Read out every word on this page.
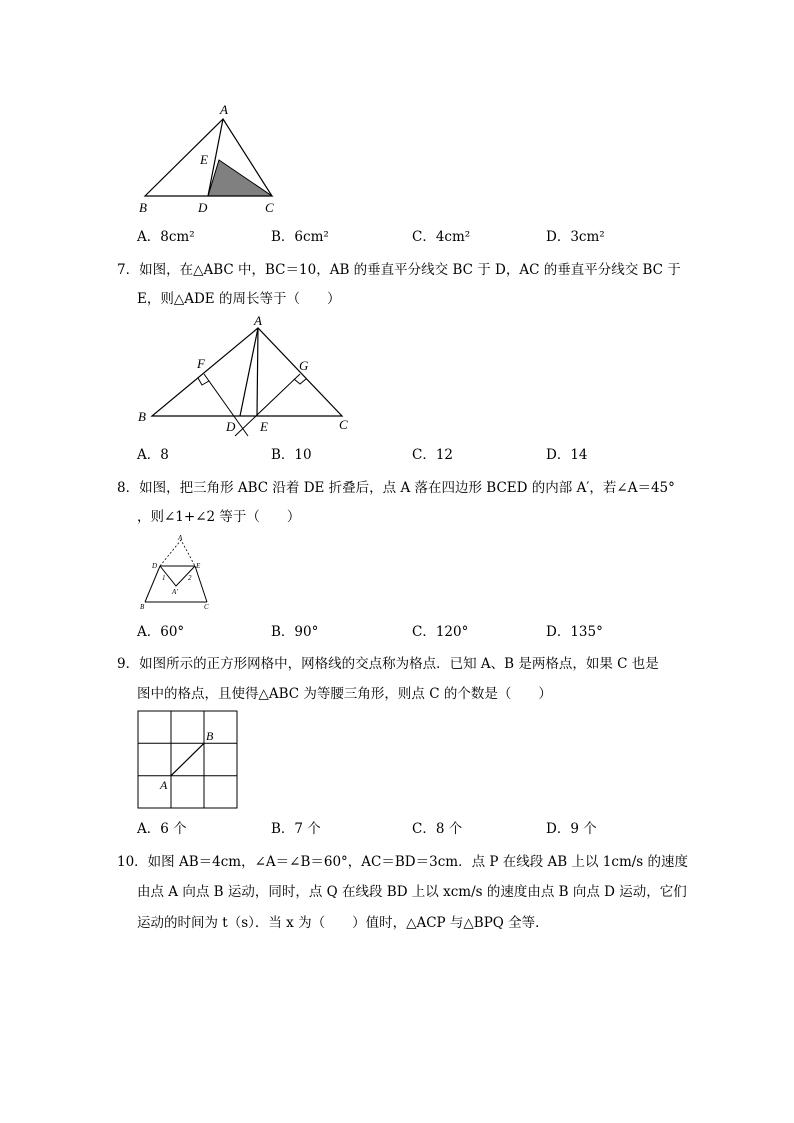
A
E
B	D	C
A．8cm²	B．6cm²	C．4cm²	D．3cm²
7．如图，在△ABC 中，BC＝10，AB 的垂直平分线交 BC 于 D，AC 的垂直平分线交 BC 于
E，则△ADE 的周长等于（　　）
A
F	G
B
D E	C
A．8	B．10	C．12	D．14
8．如图，把三角形 ABC 沿着 DE 折叠后，点 A 落在四边形 BCED 的内部 A′，若∠A＝45°
，则∠1+∠2 等于（　　）
A
D	E
1	2
A'
B	C
A．60°	B．90°	C．120°	D．135°
9．如图所示的正方形网格中，网格线的交点称为格点．已知 A、B 是两格点，如果 C 也是
图中的格点，且使得△ABC 为等腰三角形，则点 C 的个数是（　　）
B
A
A．6 个	B．7 个	C．8 个	D．9 个
10．如图 AB＝4cm，∠A＝∠B＝60°，AC＝BD＝3cm．点 P 在线段 AB 上以 1cm/s 的速度
由点 A 向点 B 运动，同时，点 Q 在线段 BD 上以 xcm/s 的速度由点 B 向点 D 运动，它们
运动的时间为 t（s）．当 x 为（　　）值时，△ACP 与△BPQ 全等．
